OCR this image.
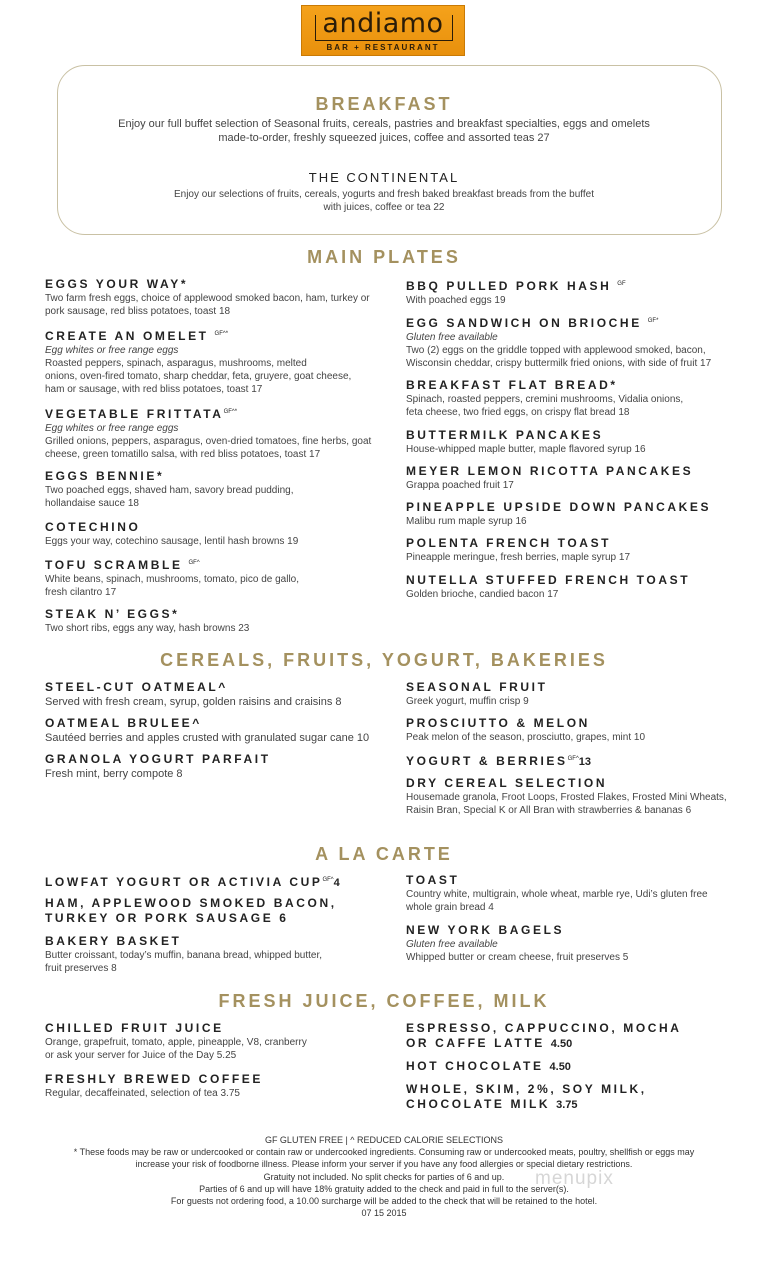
andiamo
BAR + RESTAURANT
BREAKFAST
Enjoy our full buffet selection of Seasonal fruits, cereals, pastries and breakfast specialties, eggs and omelets
made-to-order, freshly squeezed juices, coffee and assorted teas 27
THE CONTINENTAL
Enjoy our selections of fruits, cereals, yogurts and fresh baked breakfast breads from the buffet
with juices, coffee or tea 22
MAIN PLATES
CEREALS, FRUITS, YOGURT, BAKERIES
A LA CARTE
FRESH JUICE, COFFEE, MILK
EGGS YOUR WAY*
Two farm fresh eggs, choice of applewood smoked bacon, ham, turkey or
pork sausage, red bliss potatoes, toast 18
CREATE AN OMELET $^{GF\^{}*}$
Egg whites or free range eggs
Roasted peppers, spinach, asparagus, mushrooms, melted
onions, oven-fired tomato, sharp cheddar, feta, gruyere, goat cheese,
ham or sausage, with red bliss potatoes, toast 17
VEGETABLE $FRITTATA^{GF\^{}*}$
Egg whites or free range eggs
Grilled onions, peppers, asparagus, oven-dried tomatoes, fine herbs, goat
cheese, green tomatillo salsa, with red bliss potatoes, toast 17
EGGS BENNIE*
Two poached eggs, shaved ham, savory bread pudding,
hollandaise sauce 18
COTECHINO
Eggs your way, cotechino sausage, lentil hash browns 19
TOFU SCRAMBLE $^{GF\^{}}$
White beans, spinach, mushrooms, tomato, pico de gallo,
fresh cilantro 17
STEAK N’ EGGS*
Two short ribs, eggs any way, hash browns 23
BBQ PULLED PORK HASH $^{GF}$
With poached eggs 19
EGG SANDWICH ON BRIOCHE $^{GF*}$
Gluten free available
Two (2) eggs on the griddle topped with applewood smoked, bacon,
Wisconsin cheddar, crispy buttermilk fried onions, with side of fruit 17
BREAKFAST FLAT BREAD*
Spinach, roasted peppers, cremini mushrooms, Vidalia onions,
feta cheese, two fried eggs, on crispy flat bread 18
BUTTERMILK PANCAKES
House-whipped maple butter, maple flavored syrup 16
MEYER LEMON RICOTTA PANCAKES
Grappa poached fruit 17
PINEAPPLE UPSIDE DOWN PANCAKES
Malibu rum maple syrup 16
POLENTA FRENCH TOAST
Pineapple meringue, fresh berries, maple syrup 17
NUTELLA STUFFED FRENCH TOAST
Golden brioche, candied bacon 17
STEEL-CUT OATMEAL^
Served with fresh cream, syrup, golden raisins and craisins 8
OATMEAL BRULEE^
Sautéed berries and apples crusted with granulated sugar cane 10
GRANOLA YOGURT PARFAIT
Fresh mint, berry compote 8
SEASONAL FRUIT
Greek yogurt, muffin crisp 9
PROSCIUTTO & MELON
Peak melon of the season, prosciutto, grapes, mint 10
YOGURT & $BERRIES^{GF\^{}}13$
DRY CEREAL SELECTION
Housemade granola, Froot Loops, Frosted Flakes, Frosted Mini Wheats,
Raisin Bran, Special K or All Bran with strawberries & bananas 6
LOWFAT YOGURT OR ACTIVIA $CUP^{GF\^{}}4$
HAM, APPLEWOOD SMOKED BACON,
TURKEY OR PORK SAUSAGE 6
BAKERY BASKET
Butter croissant, today’s muffin, banana bread, whipped butter,
fruit preserves 8
TOAST
Country white, multigrain, whole wheat, marble rye, Udi’s gluten free
whole grain bread 4
NEW YORK BAGELS
Gluten free available
Whipped butter or cream cheese, fruit preserves 5
CHILLED FRUIT JUICE
Orange, grapefruit, tomato, apple, pineapple, V8, cranberry
or ask your server for Juice of the Day 5.25
FRESHLY BREWED COFFEE
Regular, decaffeinated, selection of tea 3.75
ESPRESSO, CAPPUCCINO, MOCHA
OR CAFFE LATTE 4.50
HOT CHOCOLATE 4.50
WHOLE, SKIM, 2%, SOY MILK,
CHOCOLATE MILK 3.75
GF GLUTEN FREE | ^ REDUCED CALORIE SELECTIONS
* These foods may be raw or undercooked or contain raw or undercooked ingredients. Consuming raw or undercooked meats, poultry, shellfish or eggs may
increase your risk of foodborne illness. Please inform your server if you have any food allergies or special dietary restrictions.
Gratuity not included. No split checks for parties of 6 and up.
Parties of 6 and up will have 18% gratuity added to the check and paid in full to the server(s).
For guests not ordering food, a 10.00 surcharge will be added to the check that will be retained to the hotel.
07 15 2015
menupix
